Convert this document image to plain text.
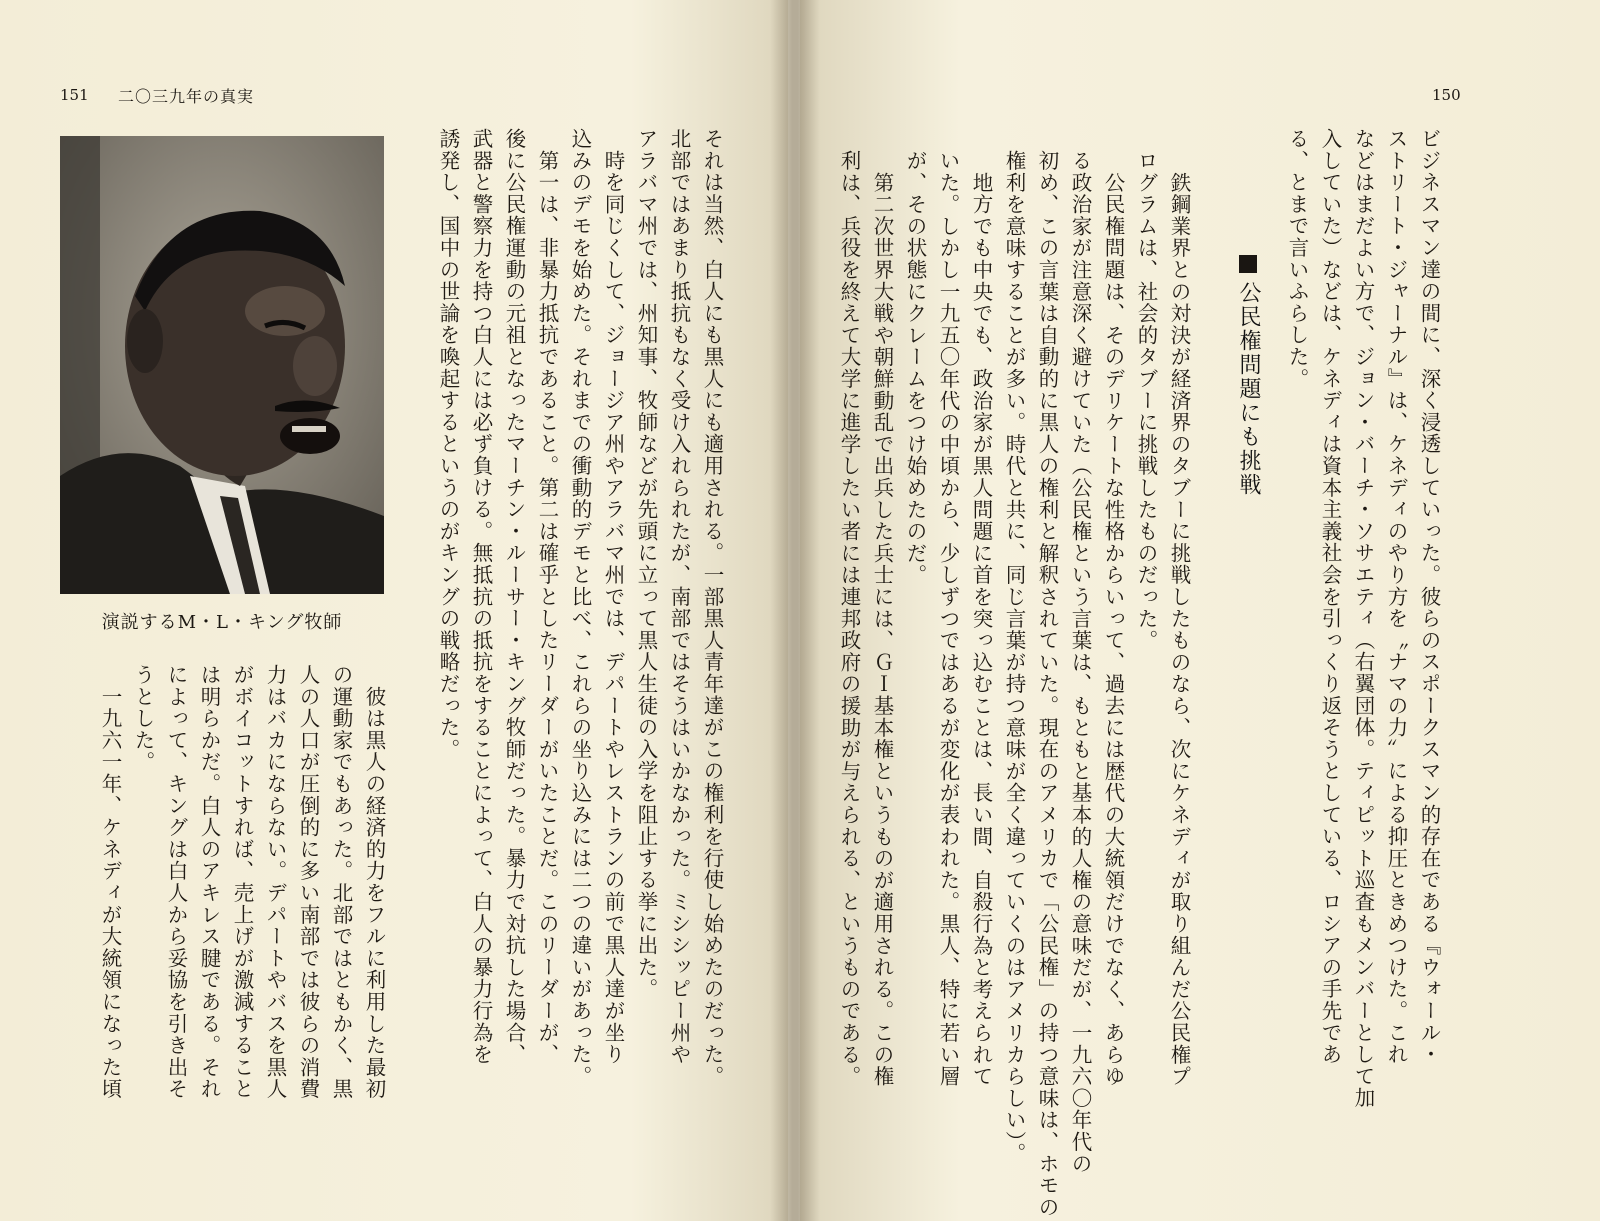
151 二〇三九年の真実
演説するM・L・キング牧師	それは当然、白人にも黒人にも適用される。一部黒人青年達がこの権利を行使し始めたのだった。
北部ではあまり抵抗もなく受け入れられたが、南部ではそうはいかなかった。ミシシッピー州や
アラバマ州では、州知事、牧師などが先頭に立って黒人生徒の入学を阻止する挙に出た。
　時を同じくして、ジョージア州やアラバマ州では、デパートやレストランの前で黒人達が坐り
込みのデモを始めた。それまでの衝動的デモと比べ、これらの坐り込みには二つの違いがあった。
　第一は、非暴力抵抗であること。第二は確乎としたリーダーがいたことだ。このリーダーが、
後に公民権運動の元祖となったマーチン・ルーサー・キング牧師だった。暴力で対抗した場合、
武器と警察力を持つ白人には必ず負ける。無抵抗の抵抗をすることによって、白人の暴力行為を
誘発し、国中の世論を喚起するというのがキングの戦略だった。
　彼は黒人の経済的力をフルに利用した最初
の運動家でもあった。北部ではともかく、黒
人の人口が圧倒的に多い南部では彼らの消費
力はバカにならない。デパートやバスを黒人
がボイコットすれば、売上げが激減すること
は明らかだ。白人のアキレス腱である。それ
によって、キングは白人から妥協を引き出そ
うとした。
　一九六一年、ケネディが大統領になった頃
150
ビジネスマン達の間に、深く浸透していった。彼らのスポークスマン的存在である『ウォール・
ストリート・ジャーナル』は、ケネディのやり方を〝ナマの力〞による抑圧ときめつけた。これ
などはまだよい方で、ジョン・バーチ・ソサエティ（右翼団体。ティピット巡査もメンバーとして加
入していた）などは、ケネディは資本主義社会を引っくり返そうとしている、ロシアの手先であ
る、とまで言いふらした。
　鉄鋼業界との対決が経済界のタブーに挑戦したものなら、次にケネディが取り組んだ公民権プ
ログラムは、社会的タブーに挑戦したものだった。
　公民権問題は、そのデリケートな性格からいって、過去には歴代の大統領だけでなく、あらゆ
る政治家が注意深く避けていた（公民権という言葉は、もともと基本的人権の意味だが、一九六〇年代の
初め、この言葉は自動的に黒人の権利と解釈されていた。現在のアメリカで「公民権」の持つ意味は、ホモの
権利を意味することが多い。時代と共に、同じ言葉が持つ意味が全く違っていくのはアメリカらしい）。
　地方でも中央でも、政治家が黒人問題に首を突っ込むことは、長い間、自殺行為と考えられて
いた。しかし一九五〇年代の中頃から、少しずつではあるが変化が表われた。黒人、特に若い層
が、その状態にクレームをつけ始めたのだ。
　第二次世界大戦や朝鮮動乱で出兵した兵士には、ＧＩ基本権というものが適用される。この権
利は、兵役を終えて大学に進学したい者には連邦政府の援助が与えられる、というものである。	公民権問題にも挑戦
